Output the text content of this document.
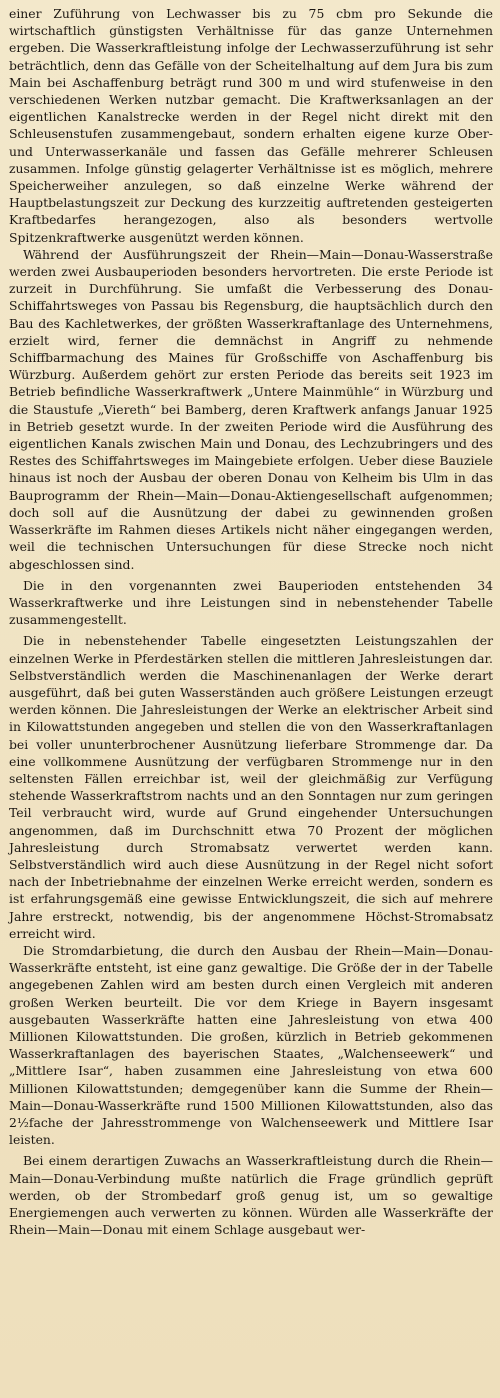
einer Zuführung von Lechwasser bis zu 75 cbm pro Sekunde die wirtschaftlich günstigsten Verhältnisse für das ganze Unternehmen ergeben. Die Wasserkraftleistung infolge der Lechwasserzuführung ist sehr beträchtlich, denn das Gefälle von der Scheitelhaltung auf dem Jura bis zum Main bei Aschaffenburg beträgt rund 300 m und wird stufenweise in den verschiedenen Werken nutzbar gemacht. Die Kraftwerksanlagen an der eigentlichen Kanalstrecke werden in der Regel nicht direkt mit den Schleusenstufen zusammengebaut, sondern erhalten eigene kurze Ober- und Unterwasserkanäle und fassen das Gefälle mehrerer Schleusen zusammen. Infolge günstig gelagerter Verhältnisse ist es möglich, mehrere Speicherweiher anzulegen, so daß einzelne Werke während der Hauptbelastungszeit zur Deckung des kurzzeitig auftretenden gesteigerten Kraftbedarfes herangezogen, also als besonders wertvolle Spitzenkraftwerke ausgenützt werden können.

Während der Ausführungszeit der Rhein—Main—Donau-Wasserstraße werden zwei Ausbauperioden besonders hervortreten. Die erste Periode ist zurzeit in Durchführung. Sie umfaßt die Verbesserung des Donau-Schiffahrtsweges von Passau bis Regensburg, die hauptsächlich durch den Bau des Kachletwerkes, der größten Wasserkraftanlage des Unternehmens, erzielt wird, ferner die demnächst in Angriff zu nehmende Schiffbarmachung des Maines für Großschiffe von Aschaffenburg bis Würzburg. Außerdem gehört zur ersten Periode das bereits seit 1923 im Betrieb befindliche Wasserkraftwerk „Untere Mainmühle“ in Würzburg und die Staustufe „Viereth“ bei Bamberg, deren Kraftwerk anfangs Januar 1925 in Betrieb gesetzt wurde. In der zweiten Periode wird die Ausführung des eigentlichen Kanals zwischen Main und Donau, des Lechzubringers und des Restes des Schiffahrtsweges im Maingebiete erfolgen. Ueber diese Bauziele hinaus ist noch der Ausbau der oberen Donau von Kelheim bis Ulm in das Bauprogramm der Rhein—Main—Donau-Aktiengesellschaft aufgenommen; doch soll auf die Ausnützung der dabei zu gewinnenden großen Wasserkräfte im Rahmen dieses Artikels nicht näher eingegangen werden, weil die technischen Untersuchungen für diese Strecke noch nicht abgeschlossen sind.

Die in den vorgenannten zwei Bauperioden entstehenden 34 Wasserkraftwerke und ihre Leistungen sind in nebenstehender Tabelle zusammengestellt.

Die in nebenstehender Tabelle eingesetzten Leistungszahlen der einzelnen Werke in Pferdestärken stellen die mittleren Jahresleistungen dar. Selbstverständlich werden die Maschinenanlagen der Werke derart ausgeführt, daß bei guten Wasserständen auch größere Leistungen erzeugt werden können. Die Jahresleistungen der Werke an elektrischer Arbeit sind in Kilowattstunden angegeben und stellen die von den Wasserkraftanlagen bei voller ununterbrochener Ausnützung lieferbare Strommenge dar. Da eine vollkommene Ausnützung der verfügbaren Strommenge nur in den seltensten Fällen erreichbar ist, weil der gleichmäßig zur Verfügung stehende Wasserkraftstrom nachts und an den Sonntagen nur zum geringen Teil verbraucht wird, wurde auf Grund eingehender Untersuchungen angenommen, daß im Durchschnitt etwa 70 Prozent der möglichen Jahresleistung durch Stromabsatz verwertet werden kann. Selbstverständlich wird auch diese Ausnützung in der Regel nicht sofort nach der Inbetriebnahme der einzelnen Werke erreicht werden, sondern es ist erfahrungsgemäß eine gewisse Entwicklungszeit, die sich auf mehrere Jahre erstreckt, notwendig, bis der angenommene Höchst-Stromabsatz erreicht wird.

Die Stromdarbietung, die durch den Ausbau der Rhein—Main—Donau-Wasserkräfte entsteht, ist eine ganz gewaltige. Die Größe der in der Tabelle angegebenen Zahlen wird am besten durch einen Vergleich mit anderen großen Werken beurteilt. Die vor dem Kriege in Bayern insgesamt ausgebauten Wasserkräfte hatten eine Jahresleistung von etwa 400 Millionen Kilowattstunden. Die großen, kürzlich in Betrieb gekommenen Wasserkraftanlagen des bayerischen Staates, „Walchenseewerk“ und „Mittlere Isar“, haben zusammen eine Jahresleistung von etwa 600 Millionen Kilowattstunden; demgegenüber kann die Summe der Rhein—Main—Donau-Wasserkräfte rund 1500 Millionen Kilowattstunden, also das 2½fache der Jahresstrommenge von Walchenseewerk und Mittlere Isar leisten.

Bei einem derartigen Zuwachs an Wasserkraftleistung durch die Rhein—Main—Donau-Verbindung mußte natürlich die Frage gründlich geprüft werden, ob der Strombedarf groß genug ist, um so gewaltige Energiemengen auch verwerten zu können. Würden alle Wasserkräfte der Rhein—Main—Donau mit einem Schlage ausgebaut wer-
